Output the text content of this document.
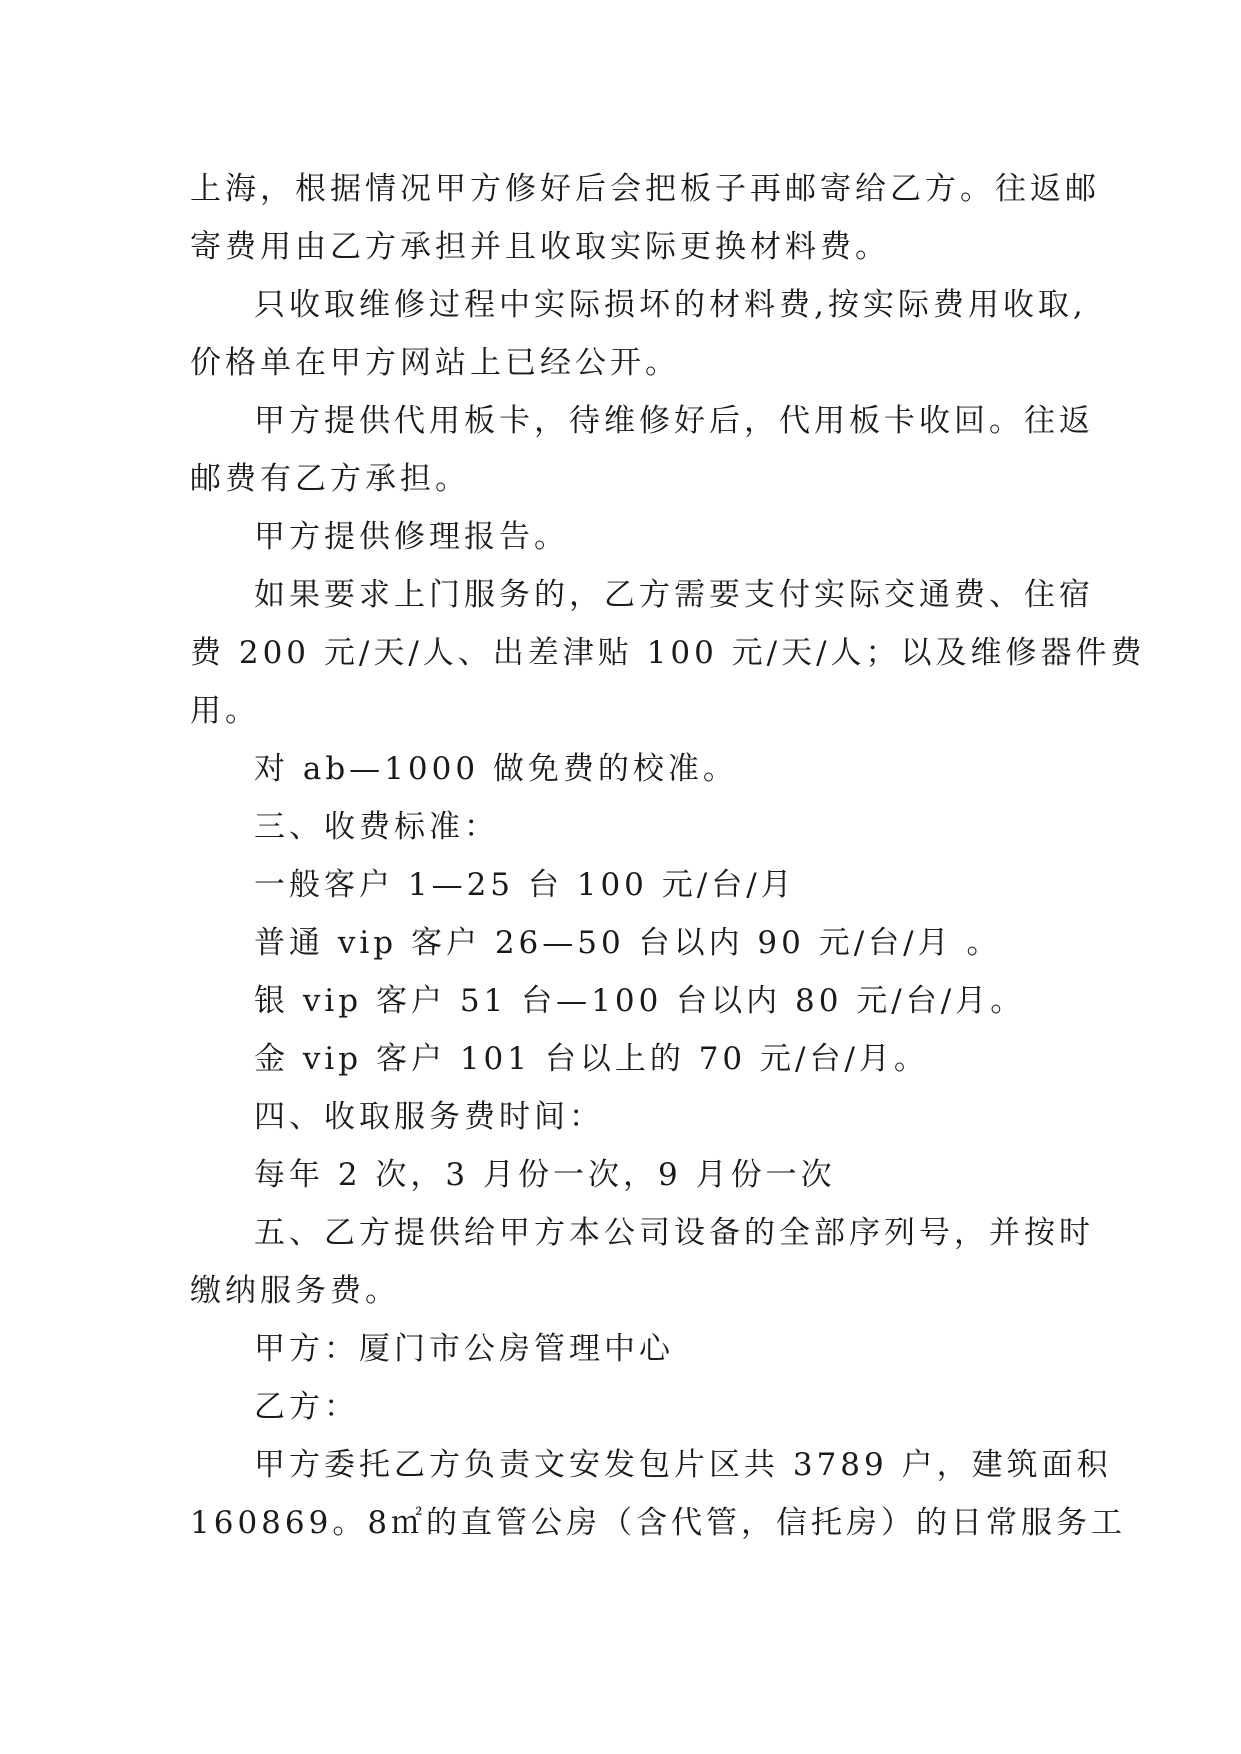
上海，根据情况甲方修好后会把板子再邮寄给乙方。往返邮

寄费用由乙方承担并且收取实际更换材料费。

只收取维修过程中实际损坏的材料费,按实际费用收取,

价格单在甲方网站上已经公开。

甲方提供代用板卡，待维修好后，代用板卡收回。往返

邮费有乙方承担。

甲方提供修理报告。

如果要求上门服务的，乙方需要支付实际交通费、住宿

费 200 元/天/人、出差津贴 100 元/天/人；以及维修器件费

用。

对 ab—1000 做免费的校准。

三、收费标准：

一般客户 1—25 台 100 元/台/月

普通 vip 客户 26—50 台以内 90 元/台/月 。

银 vip 客户 51 台—100 台以内 80 元/台/月。

金 vip 客户 101 台以上的 70 元/台/月。

四、收取服务费时间：

每年 2 次，3 月份一次，9 月份一次

五、乙方提供给甲方本公司设备的全部序列号，并按时

缴纳服务费。

甲方：厦门市公房管理中心

乙方：

甲方委托乙方负责文安发包片区共 3789 户，建筑面积

160869。8㎡的直管公房（含代管，信托房）的日常服务工
